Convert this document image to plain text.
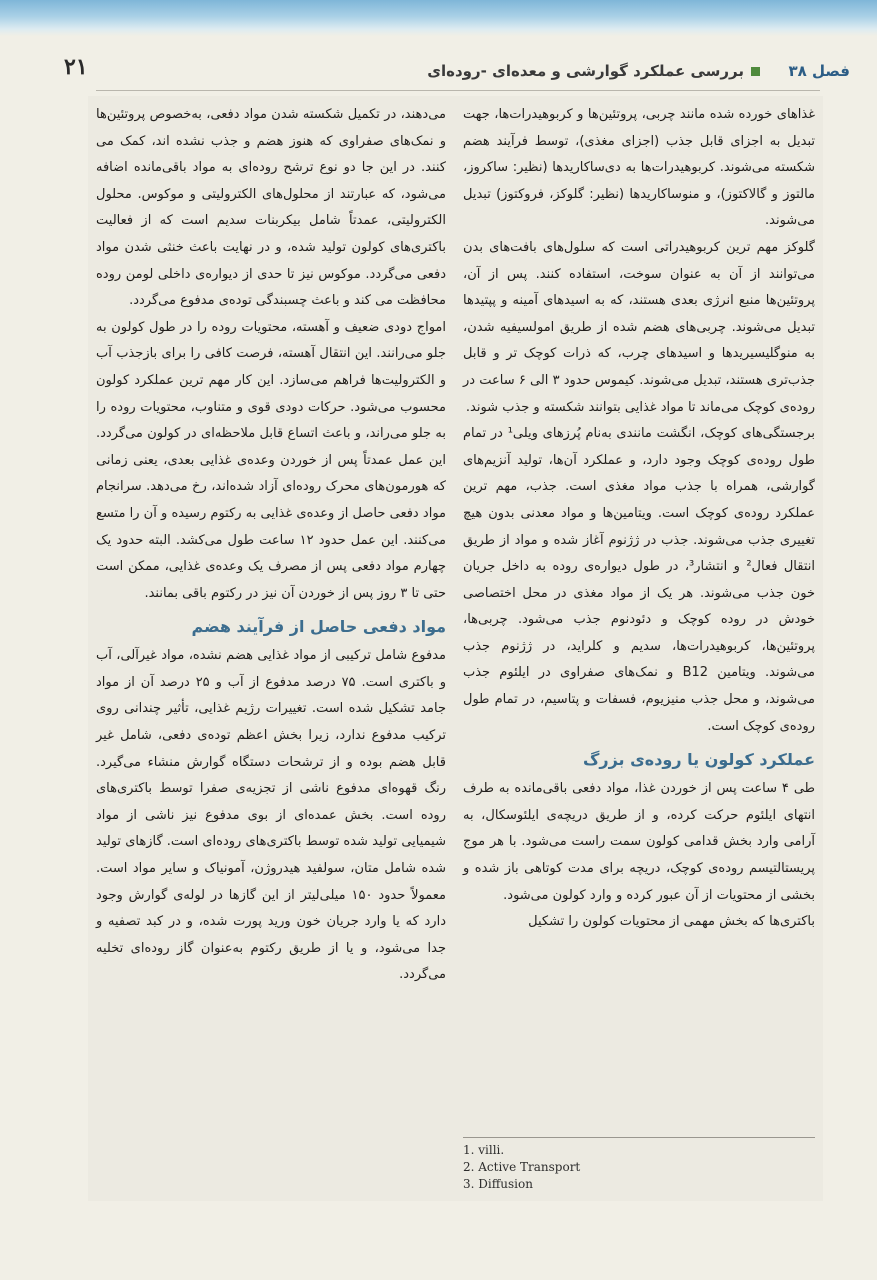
فصل ۳۸
بررسی عملکرد گوارشی و معده‌ای -روده‌ای
۲۱

غذاهای خورده شده مانند چربی، پروتئین‌ها و کربوهیدرات‌ها، جهت تبدیل به اجزای قابل جذب (اجزای مغذی)، توسط فرآیند هضم شکسته می‌شوند. کربوهیدرات‌ها به دی‌ساکاریدها (نظیر: ساکروز، مالتوز و گالاکتوز)، و منوساکاریدها (نظیر: گلوکز، فروکتوز) تبدیل می‌شوند.

گلوکز مهم ترین کربوهیدراتی است که سلول‌های بافت‌های بدن می‌توانند از آن به عنوان سوخت، استفاده کنند. پس از آن، پروتئین‌ها منبع انرژی بعدی هستند، که به اسیدهای آمینه و پپتیدها تبدیل می‌شوند. چربی‌های هضم شده از طریق امولسیفیه شدن، به منوگلیسیریدها و اسیدهای چرب، که ذرات کوچک تر و قابل جذب‌تری هستند، تبدیل می‌شوند. کیموس حدود ۳ الی ۶ ساعت در روده‌ی کوچک می‌ماند تا مواد غذایی بتوانند شکسته و جذب شوند.

برجستگی‌های کوچک، انگشت مانندی به‌نام پُرزهای ویلی¹ در تمام طول روده‌ی کوچک وجود دارد، و عملکرد آن‌ها، تولید آنزیم‌های گوارشی، همراه با جذب مواد مغذی است. جذب، مهم ترین عملکرد روده‌ی کوچک است. ویتامین‌ها و مواد معدنی بدون هیچ تغییری جذب می‌شوند. جذب در ژژنوم آغاز شده و مواد از طریق انتقال فعال² و انتشار³، در طول دیواره‌ی روده به داخل جریان خون جذب می‌شوند. هر یک از مواد مغذی در محل اختصاصی خودش در روده کوچک و دئودنوم جذب می‌شود. چربی‌ها، پروتئین‌ها، کربوهیدرات‌ها، سدیم و کلراید، در ژژنوم جذب می‌شوند. ویتامین B12 و نمک‌های صفراوی در ایلئوم جذب می‌شوند، و محل جذب منیزیوم، فسفات و پتاسیم، در تمام طول روده‌ی کوچک است.

عملکرد کولون یا روده‌ی بزرگ

طی ۴ ساعت پس از خوردن غذا، مواد دفعی باقی‌مانده به طرف انتهای ایلئوم حرکت کرده، و از طریق دریچه‌ی ایلئوسکال، به آرامی وارد بخش قدامی کولون سمت راست می‌شود. با هر موج پریستالتیسم روده‌ی کوچک، دریچه برای مدت کوتاهی باز شده و بخشی از محتویات از آن عبور کرده و وارد کولون می‌شود.

باکتری‌ها که بخش مهمی از محتویات کولون را تشکیل

1. villi.
2. Active Transport
3. Diffusion

می‌دهند، در تکمیل شکسته شدن مواد دفعی، به‌خصوص پروتئین‌ها و نمک‌های صفراوی که هنوز هضم و جذب نشده اند، کمک می کنند. در این جا دو نوع ترشح روده‌ای به مواد باقی‌مانده اضافه می‌شود، که عبارتند از محلول‌های الکترولیتی و موکوس. محلول الکترولیتی، عمدتاً شامل بیکربنات سدیم است که از فعالیت باکتری‌های کولون تولید شده، و در نهایت باعث خنثی شدن مواد دفعی می‌گردد. موکوس نیز تا حدی از دیواره‌ی داخلی لومن روده محافظت می کند و باعث چسبندگی توده‌ی مدفوع می‌گردد.

امواج دودی ضعیف و آهسته، محتویات روده را در طول کولون به جلو می‌رانند. این انتقال آهسته، فرصت کافی را برای بازجذب آب و الکترولیت‌ها فراهم می‌سازد. این کار مهم ترین عملکرد کولون محسوب می‌شود. حرکات دودی قوی و متناوب، محتویات روده را به جلو می‌راند، و باعث اتساع قابل ملاحظه‌ای در کولون می‌گردد. این عمل عمدتاً پس از خوردن وعده‌ی غذایی بعدی، یعنی زمانی که هورمون‌های محرک روده‌ای آزاد شده‌اند، رخ می‌دهد. سرانجام مواد دفعی حاصل از وعده‌ی غذایی به رکتوم رسیده و آن را متسع می‌کنند. این عمل حدود ۱۲ ساعت طول می‌کشد. البته حدود یک چهارم مواد دفعی پس از مصرف یک وعده‌ی غذایی، ممکن است حتی تا ۳ روز پس از خوردن آن نیز در رکتوم باقی بمانند.

مواد دفعی حاصل از فرآیند هضم

مدفوع شامل ترکیبی از مواد غذایی هضم نشده، مواد غیرآلی، آب و باکتری است. ۷۵ درصد مدفوع از آب و ۲۵ درصد آن از مواد جامد تشکیل شده است. تغییرات رژیم غذایی، تأثیر چندانی روی ترکیب مدفوع ندارد، زیرا بخش اعظم توده‌ی دفعی، شامل غیر قابل هضم بوده و از ترشحات دستگاه گوارش منشاء می‌گیرد. رنگ قهوه‌ای مدفوع ناشی از تجزیه‌ی صفرا توسط باکتری‌های روده است. بخش عمده‌ای از بوی مدفوع نیز ناشی از مواد شیمیایی تولید شده توسط باکتری‌های روده‌ای است. گازهای تولید شده شامل متان، سولفید هیدروژن، آمونیاک و سایر مواد است. معمولاً حدود ۱۵۰ میلی‌لیتر از این گازها در لوله‌ی گوارش وجود دارد که یا وارد جریان خون ورید پورت شده، و در کبد تصفیه و جدا می‌شود، و یا از طریق رکتوم به‌عنوان گاز روده‌ای تخلیه می‌گردد.
